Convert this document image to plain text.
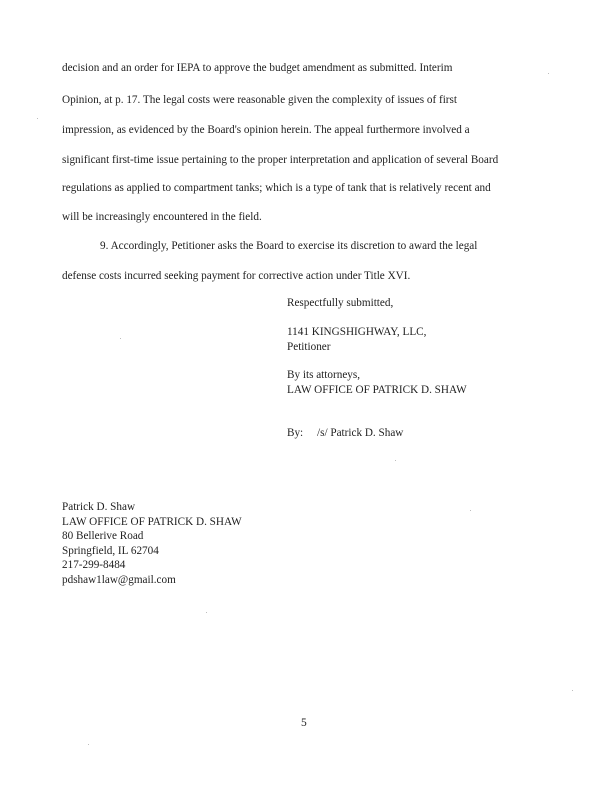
decision and an order for IEPA to approve the budget amendment as submitted. Interim
Opinion, at p. 17. The legal costs were reasonable given the complexity of issues of first
impression, as evidenced by the Board's opinion herein. The appeal furthermore involved a
significant first-time issue pertaining to the proper interpretation and application of several Board
regulations as applied to compartment tanks; which is a type of tank that is relatively recent and
will be increasingly encountered in the field.
9. Accordingly, Petitioner asks the Board to exercise its discretion to award the legal
defense costs incurred seeking payment for corrective action under Title XVI.
Respectfully submitted,
1141 KINGSHIGHWAY, LLC,
Petitioner
By its attorneys,
LAW OFFICE OF PATRICK D. SHAW
By: /s/ Patrick D. Shaw
Patrick D. Shaw
LAW OFFICE OF PATRICK D. SHAW
80 Bellerive Road
Springfield, IL 62704
217-299-8484
pdshaw1law@gmail.com
5
